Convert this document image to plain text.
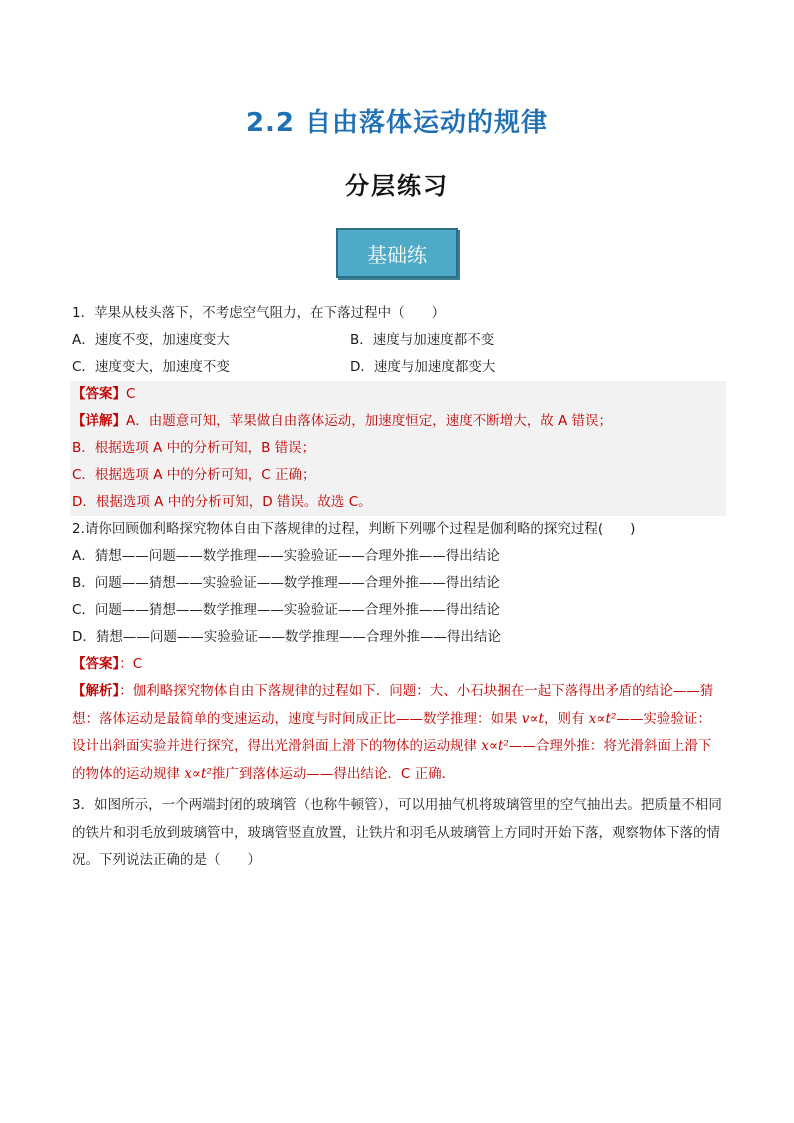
2.2 自由落体运动的规律
分层练习
基础练
1．苹果从枝头落下，不考虑空气阻力，在下落过程中（　　）
A．速度不变，加速度变大	B．速度与加速度都不变
C．速度变大，加速度不变	D．速度与加速度都变大
【答案】C
【详解】A．由题意可知，苹果做自由落体运动，加速度恒定，速度不断增大，故 A 错误；
B．根据选项 A 中的分析可知，B 错误；
C．根据选项 A 中的分析可知，C 正确；
D．根据选项 A 中的分析可知，D 错误。故选 C。
2.请你回顾伽利略探究物体自由下落规律的过程，判断下列哪个过程是伽利略的探究过程(　　)
A．猜想——问题——数学推理——实验验证——合理外推——得出结论
B．问题——猜想——实验验证——数学推理——合理外推——得出结论
C．问题——猜想——数学推理——实验验证——合理外推——得出结论
D．猜想——问题——实验验证——数学推理——合理外推——得出结论
【答案】：C
【解析】：伽利略探究物体自由下落规律的过程如下．问题：大、小石块捆在一起下落得出矛盾的结论——猜想：落体运动是最简单的变速运动，速度与时间成正比——数学推理：如果 v∝t，则有 x∝t²——实验验证：设计出斜面实验并进行探究，得出光滑斜面上滑下的物体的运动规律 x∝t²——合理外推：将光滑斜面上滑下的物体的运动规律 x∝t²推广到落体运动——得出结论．C 正确．
3．如图所示，一个两端封闭的玻璃管（也称牛顿管），可以用抽气机将玻璃管里的空气抽出去。把质量不相同的铁片和羽毛放到玻璃管中，玻璃管竖直放置，让铁片和羽毛从玻璃管上方同时开始下落，观察物体下落的情况。下列说法正确的是（　　）
